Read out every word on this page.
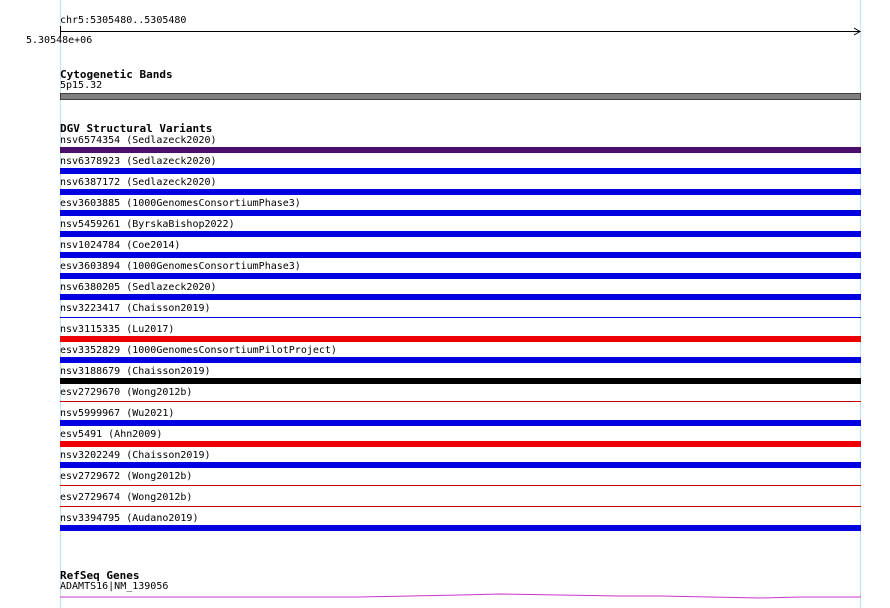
chr5:5305480..5305480
5.30548e+06
Cytogenetic Bands
5p15.32
DGV Structural Variants
nsv6574354 (Sedlazeck2020)
nsv6378923 (Sedlazeck2020)
nsv6387172 (Sedlazeck2020)
esv3603885 (1000GenomesConsortiumPhase3)
nsv5459261 (ByrskaBishop2022)
nsv1024784 (Coe2014)
esv3603894 (1000GenomesConsortiumPhase3)
nsv6380205 (Sedlazeck2020)
nsv3223417 (Chaisson2019)
nsv3115335 (Lu2017)
esv3352829 (1000GenomesConsortiumPilotProject)
nsv3188679 (Chaisson2019)
esv2729670 (Wong2012b)
nsv5999967 (Wu2021)
esv5491 (Ahn2009)
nsv3202249 (Chaisson2019)
esv2729672 (Wong2012b)
esv2729674 (Wong2012b)
nsv3394795 (Audano2019)
RefSeq Genes
ADAMTS16|NM_139056
